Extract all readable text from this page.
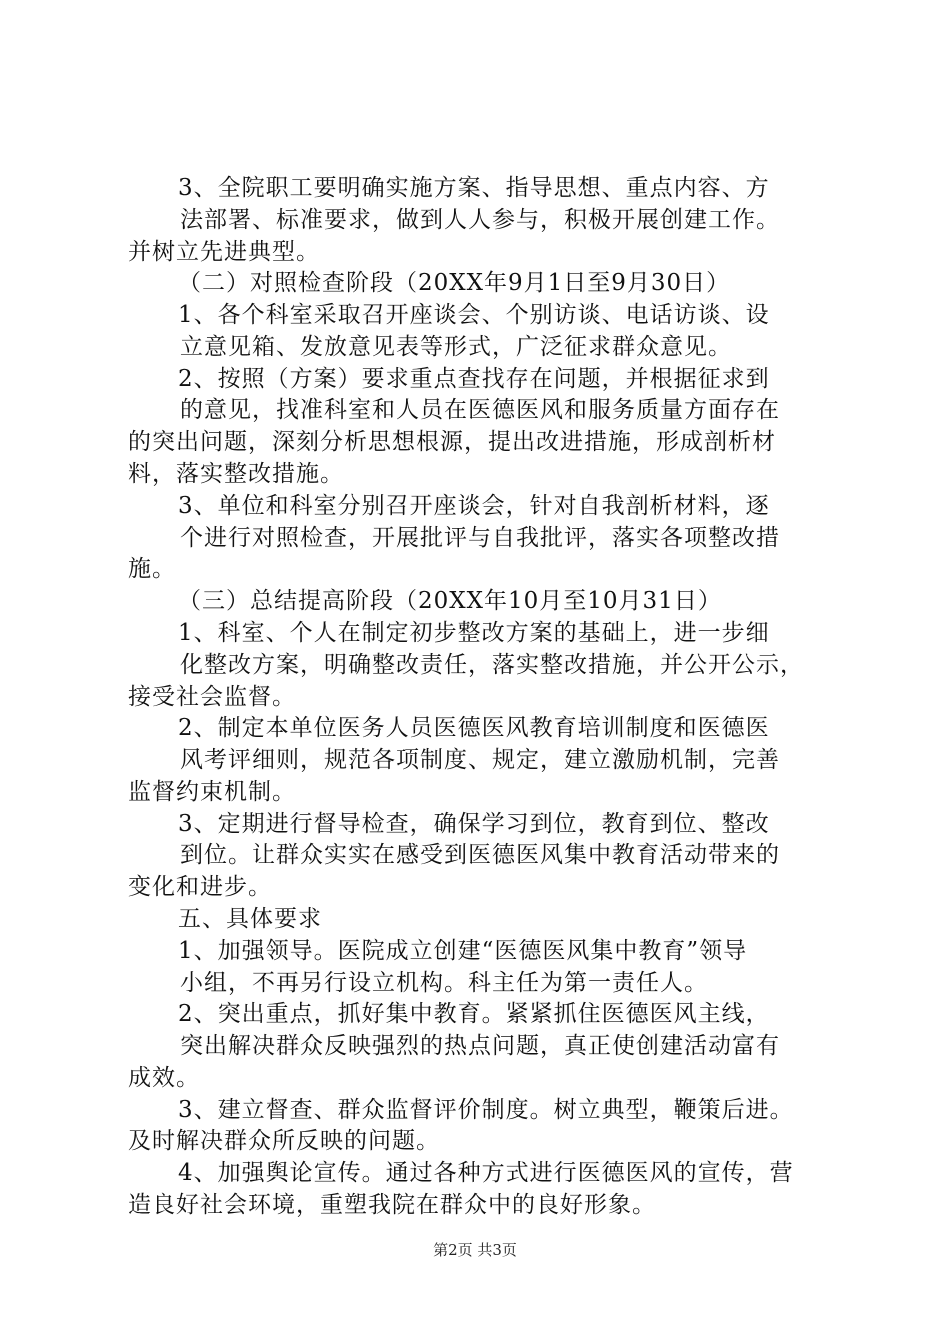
3、全院职工要明确实施方案、指导思想、重点内容、方
法部署、标准要求，做到人人参与，积极开展创建工作。
并树立先进典型。
（二）对照检查阶段（20XX年9月1日至9月30日）
1、各个科室采取召开座谈会、个别访谈、电话访谈、设
立意见箱、发放意见表等形式，广泛征求群众意见。
2、按照（方案）要求重点查找存在问题，并根据征求到
的意见，找准科室和人员在医德医风和服务质量方面存在
的突出问题，深刻分析思想根源，提出改进措施，形成剖析材
料，落实整改措施。
3、单位和科室分别召开座谈会，针对自我剖析材料，逐
个进行对照检查，开展批评与自我批评，落实各项整改措
施。
（三）总结提高阶段（20XX年10月至10月31日）
1、科室、个人在制定初步整改方案的基础上，进一步细
化整改方案，明确整改责任，落实整改措施，并公开公示，
接受社会监督。
2、制定本单位医务人员医德医风教育培训制度和医德医
风考评细则，规范各项制度、规定，建立激励机制，完善
监督约束机制。
3、定期进行督导检查，确保学习到位，教育到位、整改
到位。让群众实实在感受到医德医风集中教育活动带来的
变化和进步。
五、具体要求
1、加强领导。医院成立创建“医德医风集中教育”领导
小组，不再另行设立机构。科主任为第一责任人。
2、突出重点，抓好集中教育。紧紧抓住医德医风主线，
突出解决群众反映强烈的热点问题，真正使创建活动富有
成效。
3、建立督查、群众监督评价制度。树立典型，鞭策后进。
及时解决群众所反映的问题。
4、加强舆论宣传。通过各种方式进行医德医风的宣传，营
造良好社会环境，重塑我院在群众中的良好形象。
第2页 共3页
